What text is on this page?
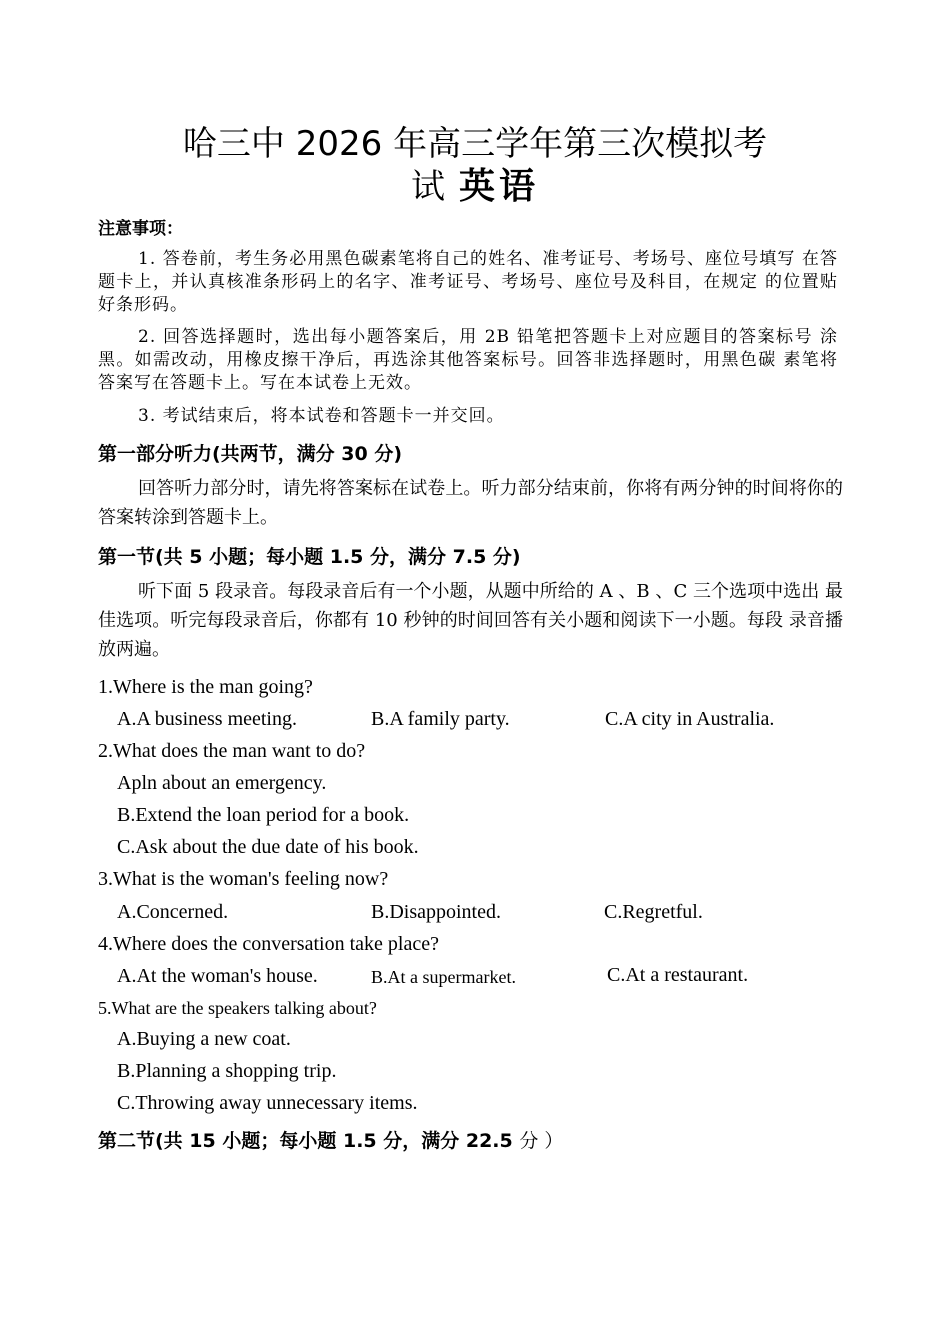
哈三中 2026 年高三学年第三次模拟考
试 英语
注意事项：
1. 答卷前，考生务必用黑色碳素笔将自己的姓名、准考证号、考场号、座位号填写 在答题卡上，并认真核准条形码上的名字、准考证号、考场号、座位号及科目，在规定 的位置贴好条形码。
2. 回答选择题时，选出每小题答案后，用 2B 铅笔把答题卡上对应题目的答案标号 涂黑。如需改动，用橡皮擦干净后，再选涂其他答案标号。回答非选择题时，用黑色碳 素笔将答案写在答题卡上。写在本试卷上无效。
3. 考试结束后，将本试卷和答题卡一并交回。
第一部分听力(共两节，满分 30 分)
回答听力部分时，请先将答案标在试卷上。听力部分结束前，你将有两分钟的时间将你的答案转涂到答题卡上。
第一节(共 5 小题；每小题 1.5 分，满分 7.5 分)
听下面 5 段录音。每段录音后有一个小题，从题中所给的 A 、B 、C 三个选项中选出 最佳选项。听完每段录音后，你都有 10 秒钟的时间回答有关小题和阅读下一小题。每段 录音播放两遍。
1.Where is the man going?
A.A business meeting.	B.A family party.	C.A city in Australia.
2.What does the man want to do?
Apln about an emergency.
B.Extend the loan period for a book.
C.Ask about the due date of his book.
3.What is the woman's feeling now?
A.Concerned.	B.Disappointed.	C.Regretful.
4.Where does the conversation take place?
A.At the woman's house.	B.At a supermarket.	C.At a restaurant.
5.What are the speakers talking about?
A.Buying a new coat.
B.Planning a shopping trip.
C.Throwing away unnecessary items.
第二节(共 15 小题；每小题 1.5 分，满分 22.5 分 ）
